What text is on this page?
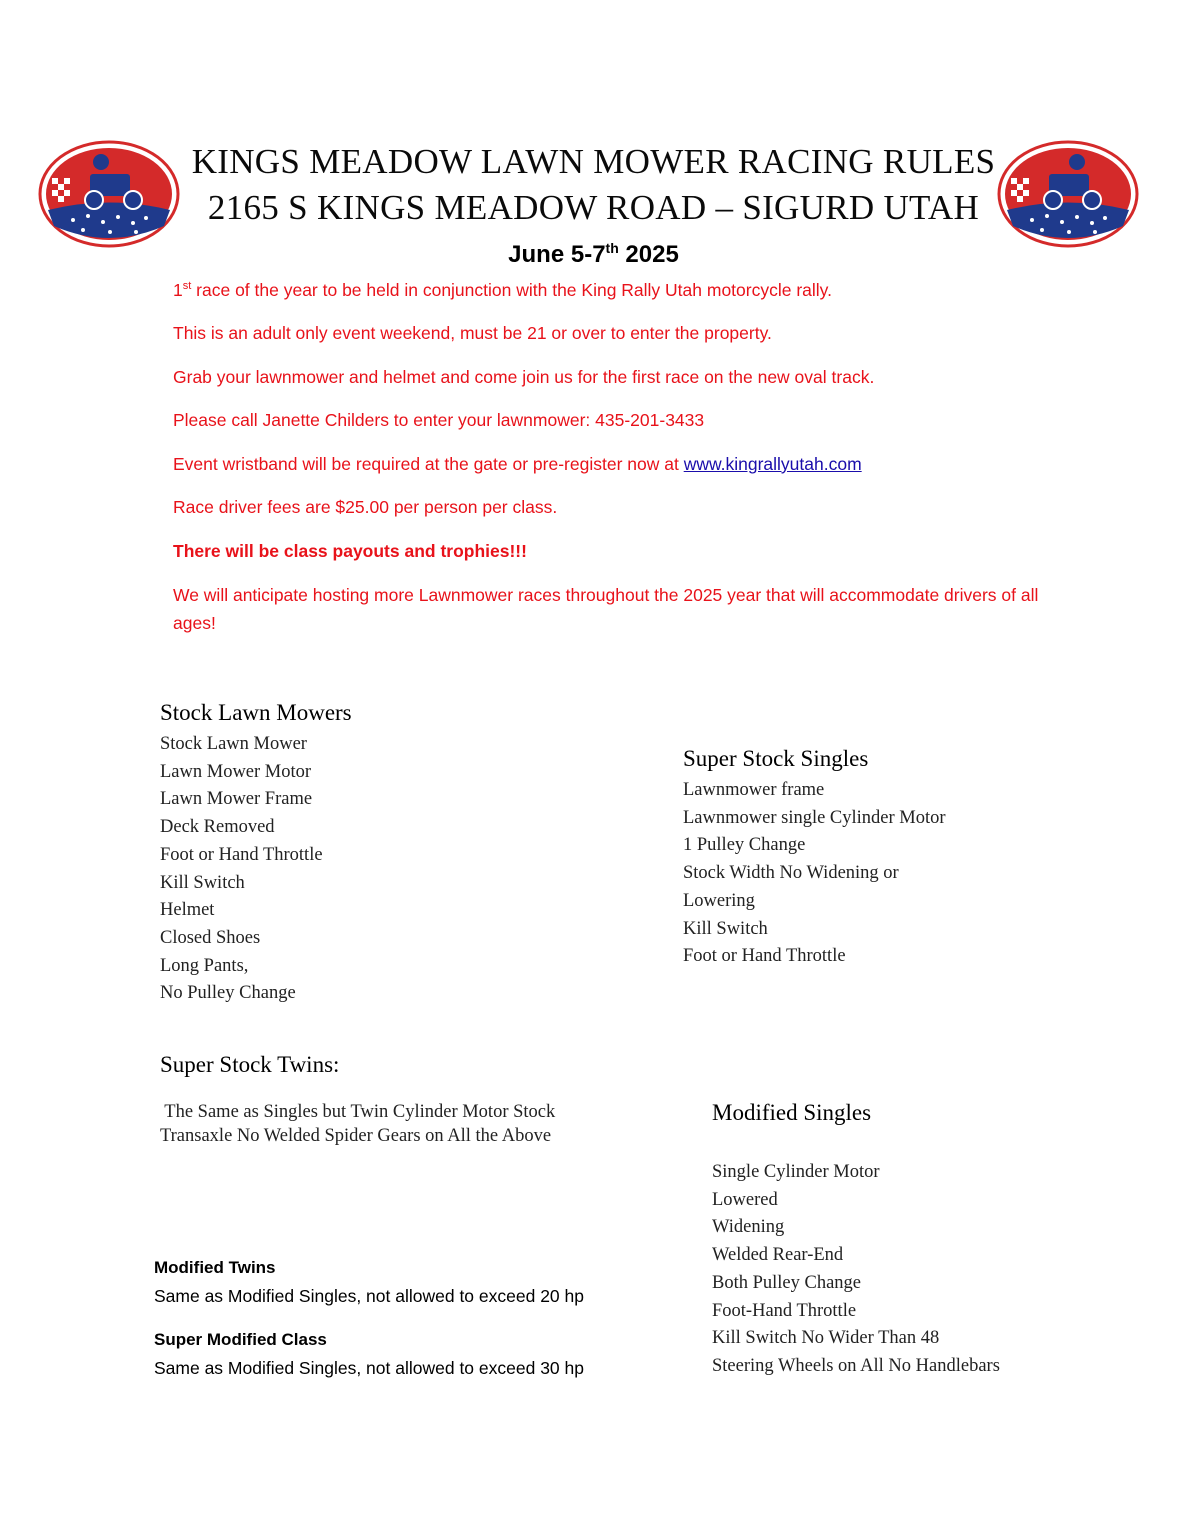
KINGS MEADOW LAWN MOWER RACING RULES
2165 S KINGS MEADOW ROAD – SIGURD UTAH
June 5-7th 2025
1st race of the year to be held in conjunction with the King Rally Utah motorcycle rally.
This is an adult only event weekend, must be 21 or over to enter the property.
Grab your lawnmower and helmet and come join us for the first race on the new oval track.
Please call Janette Childers to enter your lawnmower: 435-201-3433
Event wristband will be required at the gate or pre-register now at www.kingrallyutah.com
Race driver fees are $25.00 per person per class.
There will be class payouts and trophies!!!
We will anticipate hosting more Lawnmower races throughout the 2025 year that will accommodate drivers of all ages!
Stock Lawn Mowers
Stock Lawn Mower
Lawn Mower Motor
Lawn Mower Frame
Deck Removed
Foot or Hand Throttle
Kill Switch
Helmet
Closed Shoes
Long Pants,
No Pulley Change
Super Stock Singles
Lawnmower frame
Lawnmower single Cylinder Motor
1 Pulley Change
Stock Width No Widening or
Lowering
Kill Switch
Foot or Hand Throttle
Super Stock Twins:
The Same as Singles but Twin Cylinder Motor Stock
Transaxle No Welded Spider Gears on All the Above
Modified Singles
Single Cylinder Motor
Lowered
Widening
Welded Rear-End
Both Pulley Change
Foot-Hand Throttle
Kill Switch No Wider Than 48
Steering Wheels on All No Handlebars
Modified Twins
Same as Modified Singles, not allowed to exceed 20 hp
Super Modified Class
Same as Modified Singles, not allowed to exceed 30 hp
